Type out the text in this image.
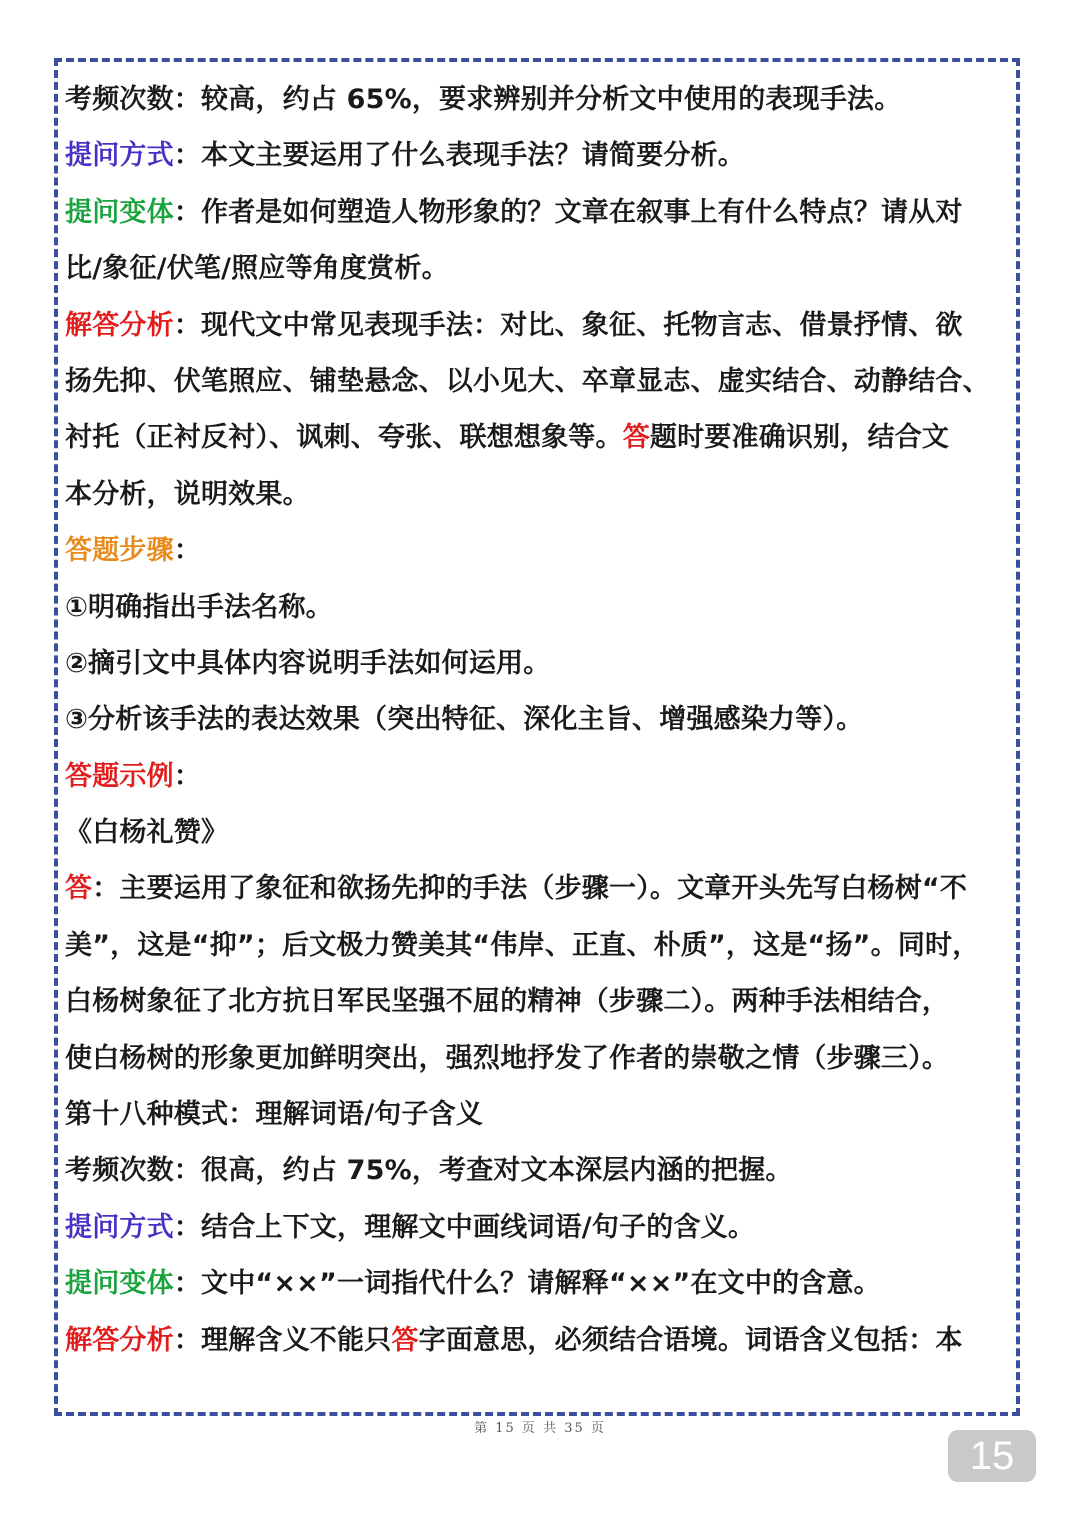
考频次数：较高，约占 65%，要求辨别并分析文中使用的表现手法。
提问方式：本文主要运用了什么表现手法？请简要分析。
提问变体：作者是如何塑造人物形象的？文章在叙事上有什么特点？请从对
比/象征/伏笔/照应等角度赏析。
解答分析：现代文中常见表现手法：对比、象征、托物言志、借景抒情、欲
扬先抑、伏笔照应、铺垫悬念、以小见大、卒章显志、虚实结合、动静结合、
衬托（正衬反衬）、讽刺、夸张、联想想象等。答题时要准确识别，结合文
本分析，说明效果。
答题步骤：
①明确指出手法名称。
②摘引文中具体内容说明手法如何运用。
③分析该手法的表达效果（突出特征、深化主旨、增强感染力等）。
答题示例：
《白杨礼赞》
答：主要运用了象征和欲扬先抑的手法（步骤一）。文章开头先写白杨树“不
美”，这是“抑”；后文极力赞美其“伟岸、正直、朴质”，这是“扬”。同时，
白杨树象征了北方抗日军民坚强不屈的精神（步骤二）。两种手法相结合，
使白杨树的形象更加鲜明突出，强烈地抒发了作者的崇敬之情（步骤三）。
第十八种模式：理解词语/句子含义
考频次数：很高，约占 75%，考查对文本深层内涵的把握。
提问方式：结合上下文，理解文中画线词语/句子的含义。
提问变体：文中“××”一词指代什么？请解释“××”在文中的含意。
解答分析：理解含义不能只答字面意思，必须结合语境。词语含义包括：本
第 15 页 共 35 页
15
